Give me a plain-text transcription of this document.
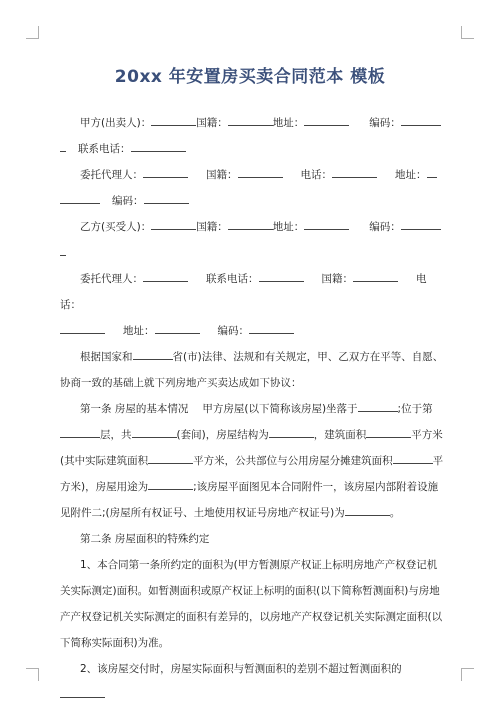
20xx 年安置房买卖合同范本 模板

甲方(出卖人)：	国籍：	地址：	编码：

联系电话：

委托代理人：	国籍：	电话：	地址：

编码：

乙方(买受人)：	国籍：	地址：	编码：

委托代理人：	联系电话：	国籍：	电话：

地址：	编码：

根据国家和	省(市)法律、法规和有关规定，甲、乙双方在平等、自愿、协商一致的基础上就下列房地产买卖达成如下协议：

第一条 房屋的基本情况 甲方房屋(以下简称该房屋)坐落于	;位于第层，共	(套间)，房屋结构为	，建筑面积	平方米(其中实际建筑面积	平方米，公共部位与公用房屋分摊建筑面积	平方米)，房屋用途为	;该房屋平面图见本合同附件一，该房屋内部附着设施见附件二;(房屋所有权证号、土地使用权证号房地产权证号)为	。

第二条 房屋面积的特殊约定

1、本合同第一条所约定的面积为(甲方暂测原产权证上标明房地产产权登记机关实际测定)面积。如暂测面积或原产权证上标明的面积(以下简称暂测面积)与房地产产权登记机关实际测定的面积有差异的，以房地产产权登记机关实际测定面积(以下简称实际面积)为准。

2、该房屋交付时，房屋实际面积与暂测面积的差别不超过暂测面积的
